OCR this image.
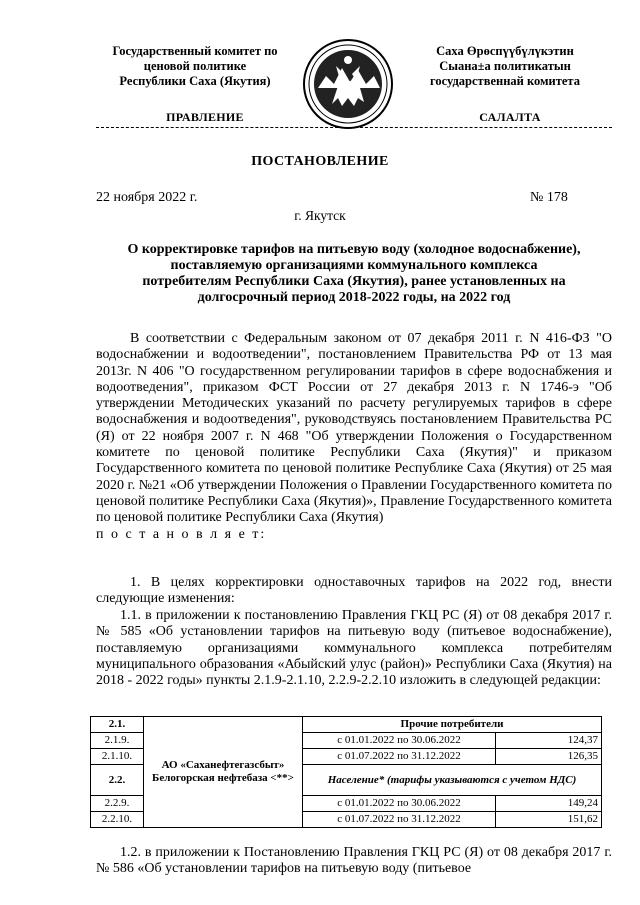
Государственный комитет по
ценовой политике
Республики Саха (Якутия)
Саха Өрөспүүбүлүкэтин
Сыана±а политикатын
государственнай комитета
ПРАВЛЕНИЕ	САЛАЛТА
ПОСТАНОВЛЕНИЕ
22 ноября 2022 г.	№ 178
г. Якутск
О корректировке тарифов на питьевую воду (холодное водоснабжение),
поставляемую организациями коммунального комплекса
потребителям Республики Саха (Якутия), ранее установленных на
долгосрочный период 2018-2022 годы, на 2022 год
В соответствии с Федеральным законом от 07 декабря 2011 г. N 416-ФЗ "О водоснабжении и водоотведении", постановлением Правительства РФ от 13 мая 2013г. N 406 "О государственном регулировании тарифов в сфере водоснабжения и водоотведения", приказом ФСТ России от 27 декабря 2013 г. N 1746-э "Об утверждении Методических указаний по расчету регулируемых тарифов в сфере водоснабжения и водоотведения", руководствуясь постановлением Правительства РС (Я) от 22 ноября 2007 г. N 468 "Об утверждении Положения о Государственном комитете по ценовой политике Республики Саха (Якутия)" и приказом Государственного комитета по ценовой политике Республике Саха (Якутия) от 25 мая 2020 г. №21 «Об утверждении Положения о Правлении Государственного комитета по ценовой политике Республики Саха (Якутия)», Правление Государственного комитета по ценовой политике Республики Саха (Якутия)
п о с т а н о в л я е т:
1. В целях корректировки одноставочных тарифов на 2022 год, внести следующие изменения:
1.1. в приложении к постановлению Правления ГКЦ РС (Я) от 08 декабря 2017 г. № 585 «Об установлении тарифов на питьевую воду (питьевое водоснабжение), поставляемую организациями коммунального комплекса потребителям муниципального образования «Абыйский улус (район)» Республики Саха (Якутия) на 2018 - 2022 годы» пункты 2.1.9-2.1.10, 2.2.9-2.2.10 изложить в следующей редакции:
2.1.	АО «Саханефтегазсбыт» Белогорская нефтебаза <**>	Прочие потребители	
2.1.9.		с 01.01.2022 по 30.06.2022	124,37
2.1.10.		с 01.07.2022 по 31.12.2022	126,35
2.2.		Население* (тарифы указываются с учетом НДС)	
2.2.9.		с 01.01.2022 по 30.06.2022	149,24
2.2.10.		с 01.07.2022 по 31.12.2022	151,62
1.2. в приложении к Постановлению Правления ГКЦ РС (Я) от 08 декабря 2017 г. № 586 «Об установлении тарифов на питьевую воду (питьевое
